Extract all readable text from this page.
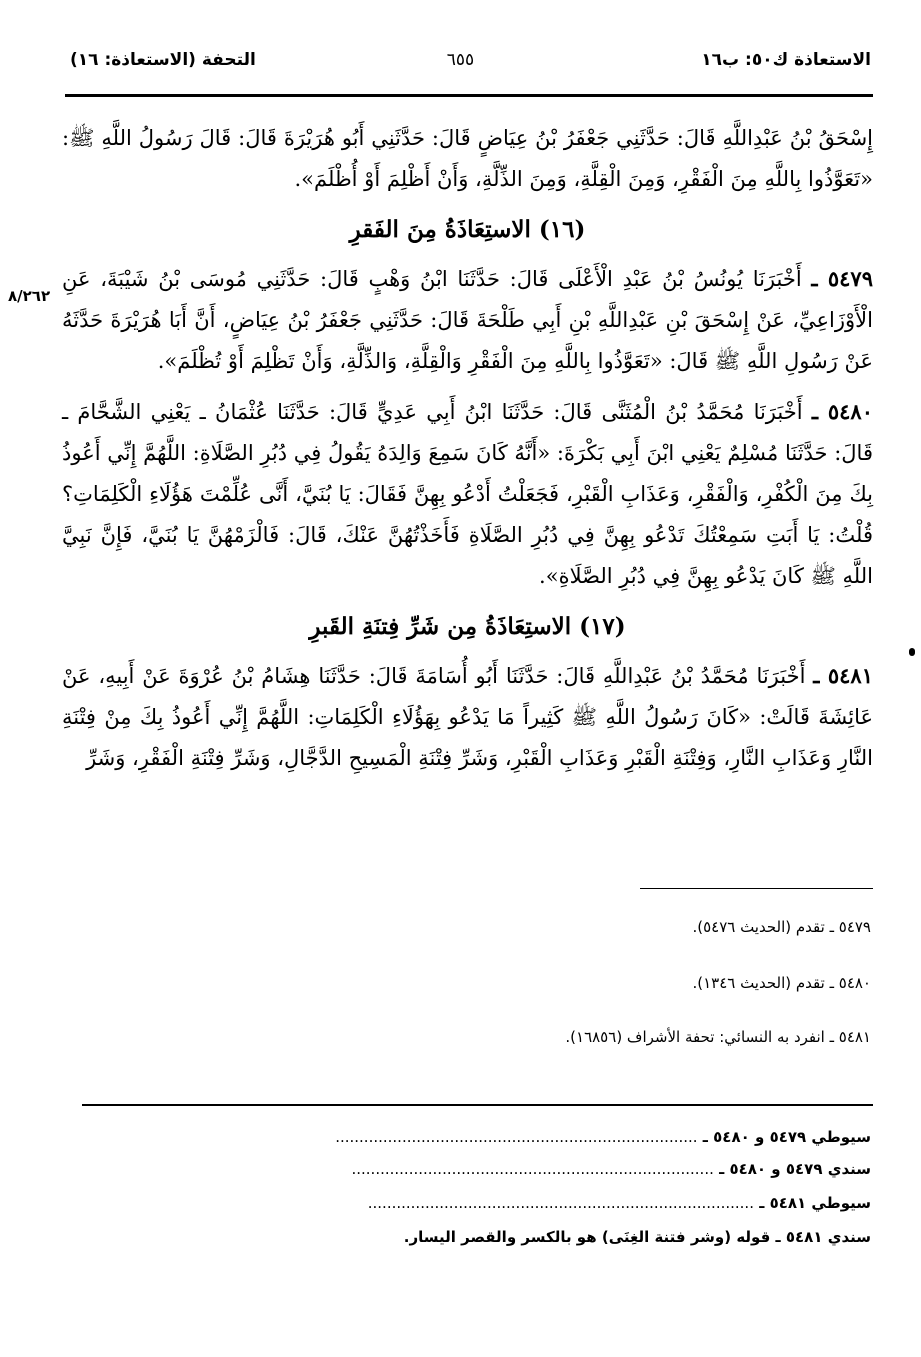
الاستعاذة ك٥٠: ب١٦
٦٥٥
التحفة (الاستعاذة: ١٦)
٨/٢٦٢

إِسْحَقُ بْنُ عَبْدِاللَّهِ قَالَ: حَدَّثَنِي جَعْفَرُ بْنُ عِيَاضٍ قَالَ: حَدَّثَنِي أَبُو هُرَيْرَةَ قَالَ: قَالَ رَسُولُ اللَّهِ ﷺ: «تَعَوَّذُوا بِاللَّهِ مِنَ الْفَقْرِ، وَمِنَ الْقِلَّةِ، وَمِنَ الذِّلَّةِ، وَأَنْ أَظْلِمَ أَوْ أُظْلَمَ».

(١٦) الاستِعَاذَةُ مِنَ الفَقرِ

٥٤٧٩ ـ أَخْبَرَنَا يُونُسُ بْنُ عَبْدِ الْأَعْلَى قَالَ: حَدَّثَنَا ابْنُ وَهْبٍ قَالَ: حَدَّثَنِي مُوسَى بْنُ شَيْبَةَ، عَنِ الْأَوْزَاعِيِّ، عَنْ إِسْحَقَ بْنِ عَبْدِاللَّهِ بْنِ أَبِي طَلْحَةَ قَالَ: حَدَّثَنِي جَعْفَرُ بْنُ عِيَاضٍ، أَنَّ أَبَا هُرَيْرَةَ حَدَّثَهُ عَنْ رَسُولِ اللَّهِ ﷺ قَالَ: «تَعَوَّذُوا بِاللَّهِ مِنَ الْفَقْرِ وَالْقِلَّةِ، وَالذِّلَّةِ، وَأَنْ تَظْلِمَ أَوْ تُظْلَمَ».

٥٤٨٠ ـ أَخْبَرَنَا مُحَمَّدُ بْنُ الْمُثَنَّى قَالَ: حَدَّثَنَا ابْنُ أَبِي عَدِيٍّ قَالَ: حَدَّثَنَا عُثْمَانُ ـ يَعْنِي الشَّحَّامَ ـ قَالَ: حَدَّثَنَا مُسْلِمٌ يَعْنِي ابْنَ أَبِي بَكْرَةَ: «أَنَّهُ كَانَ سَمِعَ وَالِدَهُ يَقُولُ فِي دُبُرِ الصَّلَاةِ: اللَّهُمَّ إِنِّي أَعُوذُ بِكَ مِنَ الْكُفْرِ، وَالْفَقْرِ، وَعَذَابِ الْقَبْرِ، فَجَعَلْتُ أَدْعُو بِهِنَّ فَقَالَ: يَا بُنَيَّ، أَنَّى عُلِّمْتَ هَؤُلَاءِ الْكَلِمَاتِ؟ قُلْتُ: يَا أَبَتِ سَمِعْتُكَ تَدْعُو بِهِنَّ فِي دُبُرِ الصَّلَاةِ فَأَخَذْتُهُنَّ عَنْكَ، قَالَ: فَالْزَمْهُنَّ يَا بُنَيَّ، فَإِنَّ نَبِيَّ اللَّهِ ﷺ كَانَ يَدْعُو بِهِنَّ فِي دُبُرِ الصَّلَاةِ».

(١٧) الاستِعَاذَةُ مِن شَرِّ فِتنَةِ القَبرِ

٥٤٨١ ـ أَخْبَرَنَا مُحَمَّدُ بْنُ عَبْدِاللَّهِ قَالَ: حَدَّثَنَا أَبُو أُسَامَةَ قَالَ: حَدَّثَنَا هِشَامُ بْنُ عُرْوَةَ عَنْ أَبِيهِ، عَنْ عَائِشَةَ قَالَتْ: «كَانَ رَسُولُ اللَّهِ ﷺ كَثِيراً مَا يَدْعُو بِهَؤُلَاءِ الْكَلِمَاتِ: اللَّهُمَّ إِنِّي أَعُوذُ بِكَ مِنْ فِتْنَةِ النَّارِ وَعَذَابِ النَّارِ، وَفِتْنَةِ الْقَبْرِ وَعَذَابِ الْقَبْرِ، وَشَرِّ فِتْنَةِ الْمَسِيحِ الدَّجَّالِ، وَشَرِّ فِتْنَةِ الْفَقْرِ، وَشَرِّ

٥٤٧٩ ـ تقدم (الحديث ٥٤٧٦).
٥٤٨٠ ـ تقدم (الحديث ١٣٤٦).
٥٤٨١ ـ انفرد به النسائي: تحفة الأشراف (١٦٨٥٦).
سيوطي ٥٤٧٩ و ٥٤٨٠ ـ ............................................................................
سندي ٥٤٧٩ و ٥٤٨٠ ـ ............................................................................
سيوطي ٥٤٨١ ـ .................................................................................
سندي ٥٤٨١ ـ قوله (وشر فتنة الغِنَى) هو بالكسر والقصر اليسار.
